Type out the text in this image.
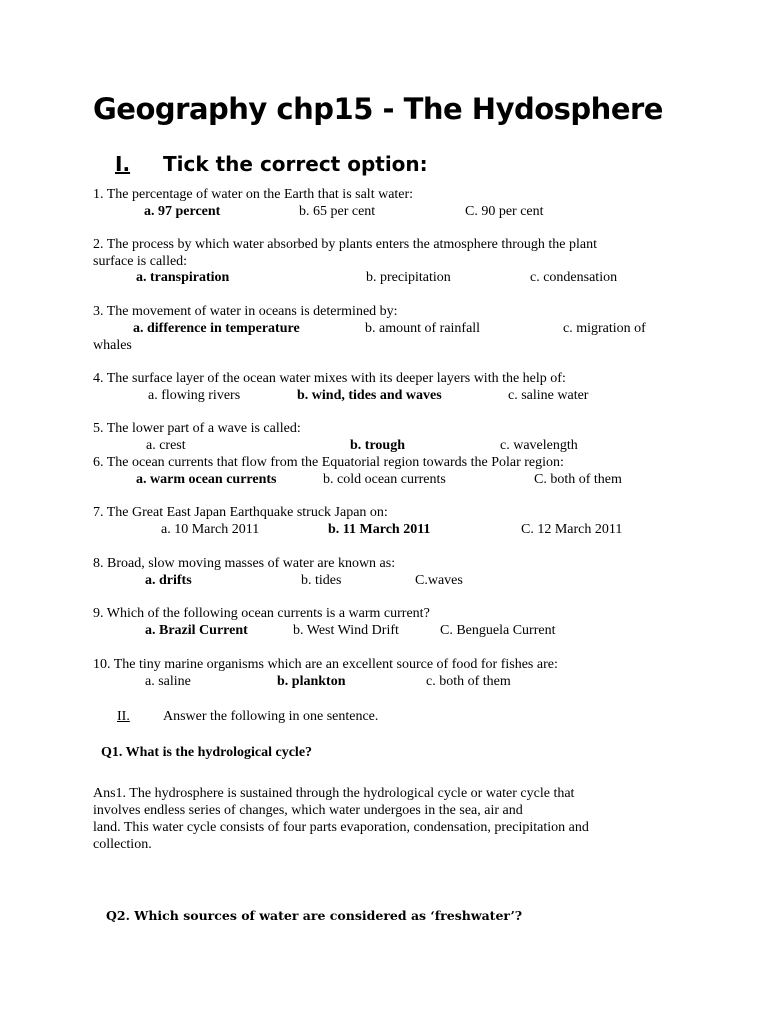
Geography chp15 - The Hydosphere
I. Tick the correct option:
1. The percentage of water on the Earth that is salt water:
a. 97 percent	b. 65 per cent	C. 90 per cent
2. The process by which water absorbed by plants enters the atmosphere through the plant
surface is called:
a. transpiration	b. precipitation	c. condensation
3. The movement of water in oceans is determined by:
a. difference in temperature	b. amount of rainfall	c. migration of
whales
4. The surface layer of the ocean water mixes with its deeper layers with the help of:
a. flowing rivers	b. wind, tides and waves	c. saline water
5. The lower part of a wave is called:
a. crest	b. trough	c. wavelength
6. The ocean currents that flow from the Equatorial region towards the Polar region:
a. warm ocean currents	b. cold ocean currents	C. both of them
7. The Great East Japan Earthquake struck Japan on:
a. 10 March 2011	b. 11 March 2011	C. 12 March 2011
8. Broad, slow moving masses of water are known as:
a. drifts	b. tides	C.waves
9. Which of the following ocean currents is a warm current?
a. Brazil Current	b. West Wind Drift	C. Benguela Current
10. The tiny marine organisms which are an excellent source of food for fishes are:
a. saline	b. plankton	c. both of them
II. Answer the following in one sentence.
Q1. What is the hydrological cycle?
Ans1. The hydrosphere is sustained through the hydrological cycle or water cycle that
involves endless series of changes, which water undergoes in the sea, air and
land. This water cycle consists of four parts evaporation, condensation, precipitation and
collection.
Q2. Which sources of water are considered as ‘freshwater’?
